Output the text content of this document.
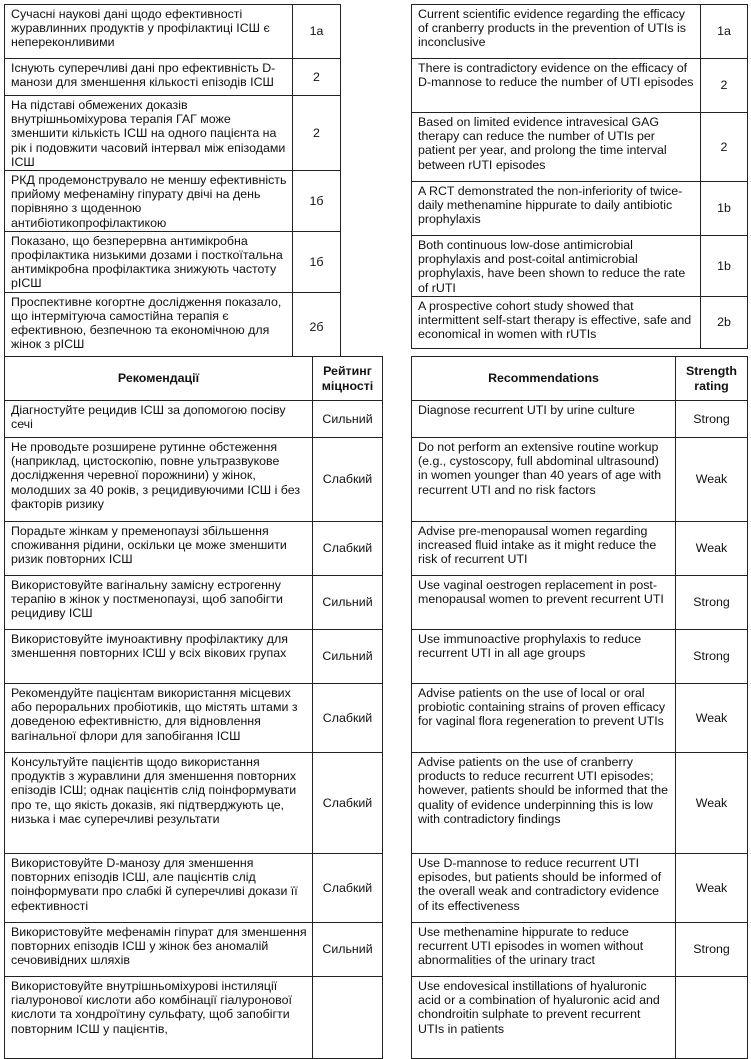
Сучасні наукові дані щодо ефективності журавлинних продуктів у профілактиці ІСШ є непереконливими	1а
Існують суперечливі дані про ефективність D-манози для зменшення кількості епізодів ІСШ	2
На підставі обмежених доказів внутрішньоміхурова терапія ГАГ може зменшити кількість ІСШ на одного пацієнта на рік і подовжити часовий інтервал між епізодами ІСШ	2
РКД продемонструвало не меншу ефективність прийому мефенаміну гіпурату двічі на день порівняно з щоденною антибіотикопрофілактикою	1б
Показано, що безперервна антимікробна профілактика низькими дозами і посткоїтальна антимікробна профілактика знижують частоту рІСШ	1б
Проспективне когортне дослідження показало, що інтермітуюча самостійна терапія є ефективною, безпечною та економічною для жінок з рІСШ	2б
Current scientific evidence regarding the efficacy of cranberry products in the prevention of UTIs is inconclusive	1a
There is contradictory evidence on the efficacy of D-mannose to reduce the number of UTI episodes	2
Based on limited evidence intravesical GAG therapy can reduce the number of UTIs per patient per year, and prolong the time interval between rUTI episodes	2
A RCT demonstrated the non-inferiority of twice-daily methenamine hippurate to daily antibiotic prophylaxis	1b
Both continuous low-dose antimicrobial prophylaxis and post-coital antimicrobial prophylaxis, have been shown to reduce the rate of rUTI	1b
A prospective cohort study showed that intermittent self-start therapy is effective, safe and economical in women with rUTIs	2b
Рекомендації	Рейтинг міцності
Діагностуйте рецидив ІСШ за допомогою посіву сечі	Сильний
Не проводьте розширене рутинне обстеження (наприклад, цистоскопію, повне ультразвукове дослідження черевної порожнини) у жінок, молодших за 40 років, з рецидивуючими ІСШ і без факторів ризику	Слабкий
Порадьте жінкам у пременопаузі збільшення споживання рідини, оскільки це може зменшити ризик повторних ІСШ	Слабкий
Використовуйте вагінальну замісну естрогенну терапію в жінок у постменопаузі, щоб запобігти рецидиву ІСШ	Сильний
Використовуйте імуноактивну профілактику для зменшення повторних ІСШ у всіх вікових групах	Сильний
Рекомендуйте пацієнтам використання місцевих або пероральних пробіотиків, що містять штами з доведеною ефективністю, для відновлення вагінальної флори для запобігання ІСШ	Слабкий
Консультуйте пацієнтів щодо використання продуктів з журавлини для зменшення повторних епізодів ІСШ; однак пацієнтів слід поінформувати про те, що якість доказів, які підтверджують це, низька і має суперечливі результати	Слабкий
Використовуйте D-манозу для зменшення повторних епізодів ІСШ, але пацієнтів слід поінформувати про слабкі й суперечливі докази її ефективності	Слабкий
Використовуйте мефенамін гіпурат для зменшення повторних епізодів ІСШ у жінок без аномалій сечовивідних шляхів	Сильний
Використовуйте внутрішньоміхурові інстиляції гіалуронової кислоти або комбінації гіалуронової кислоти та хондроїтину сульфату, щоб запобігти повторним ІСШ у пацієнтів,	
Recommendations	Strength rating
Diagnose recurrent UTI by urine culture	Strong
Do not perform an extensive routine workup (e.g., cystoscopy, full abdominal ultrasound) in women younger than 40 years of age with recurrent UTI and no risk factors	Weak
Advise pre-menopausal women regarding increased fluid intake as it might reduce the risk of recurrent UTI	Weak
Use vaginal oestrogen replacement in post-menopausal women to prevent recurrent UTI	Strong
Use immunoactive prophylaxis to reduce recurrent UTI in all age groups	Strong
Advise patients on the use of local or oral probiotic containing strains of proven efficacy for vaginal flora regeneration to prevent UTIs	Weak
Advise patients on the use of cranberry products to reduce recurrent UTI episodes; however, patients should be informed that the quality of evidence underpinning this is low with contradictory findings	Weak
Use D-mannose to reduce recurrent UTI episodes, but patients should be informed of the overall weak and contradictory evidence of its effectiveness	Weak
Use methenamine hippurate to reduce recurrent UTI episodes in women without abnormalities of the urinary tract	Strong
Use endovesical instillations of hyaluronic acid or a combination of hyaluronic acid and chondroitin sulphate to prevent recurrent UTIs in patients	
